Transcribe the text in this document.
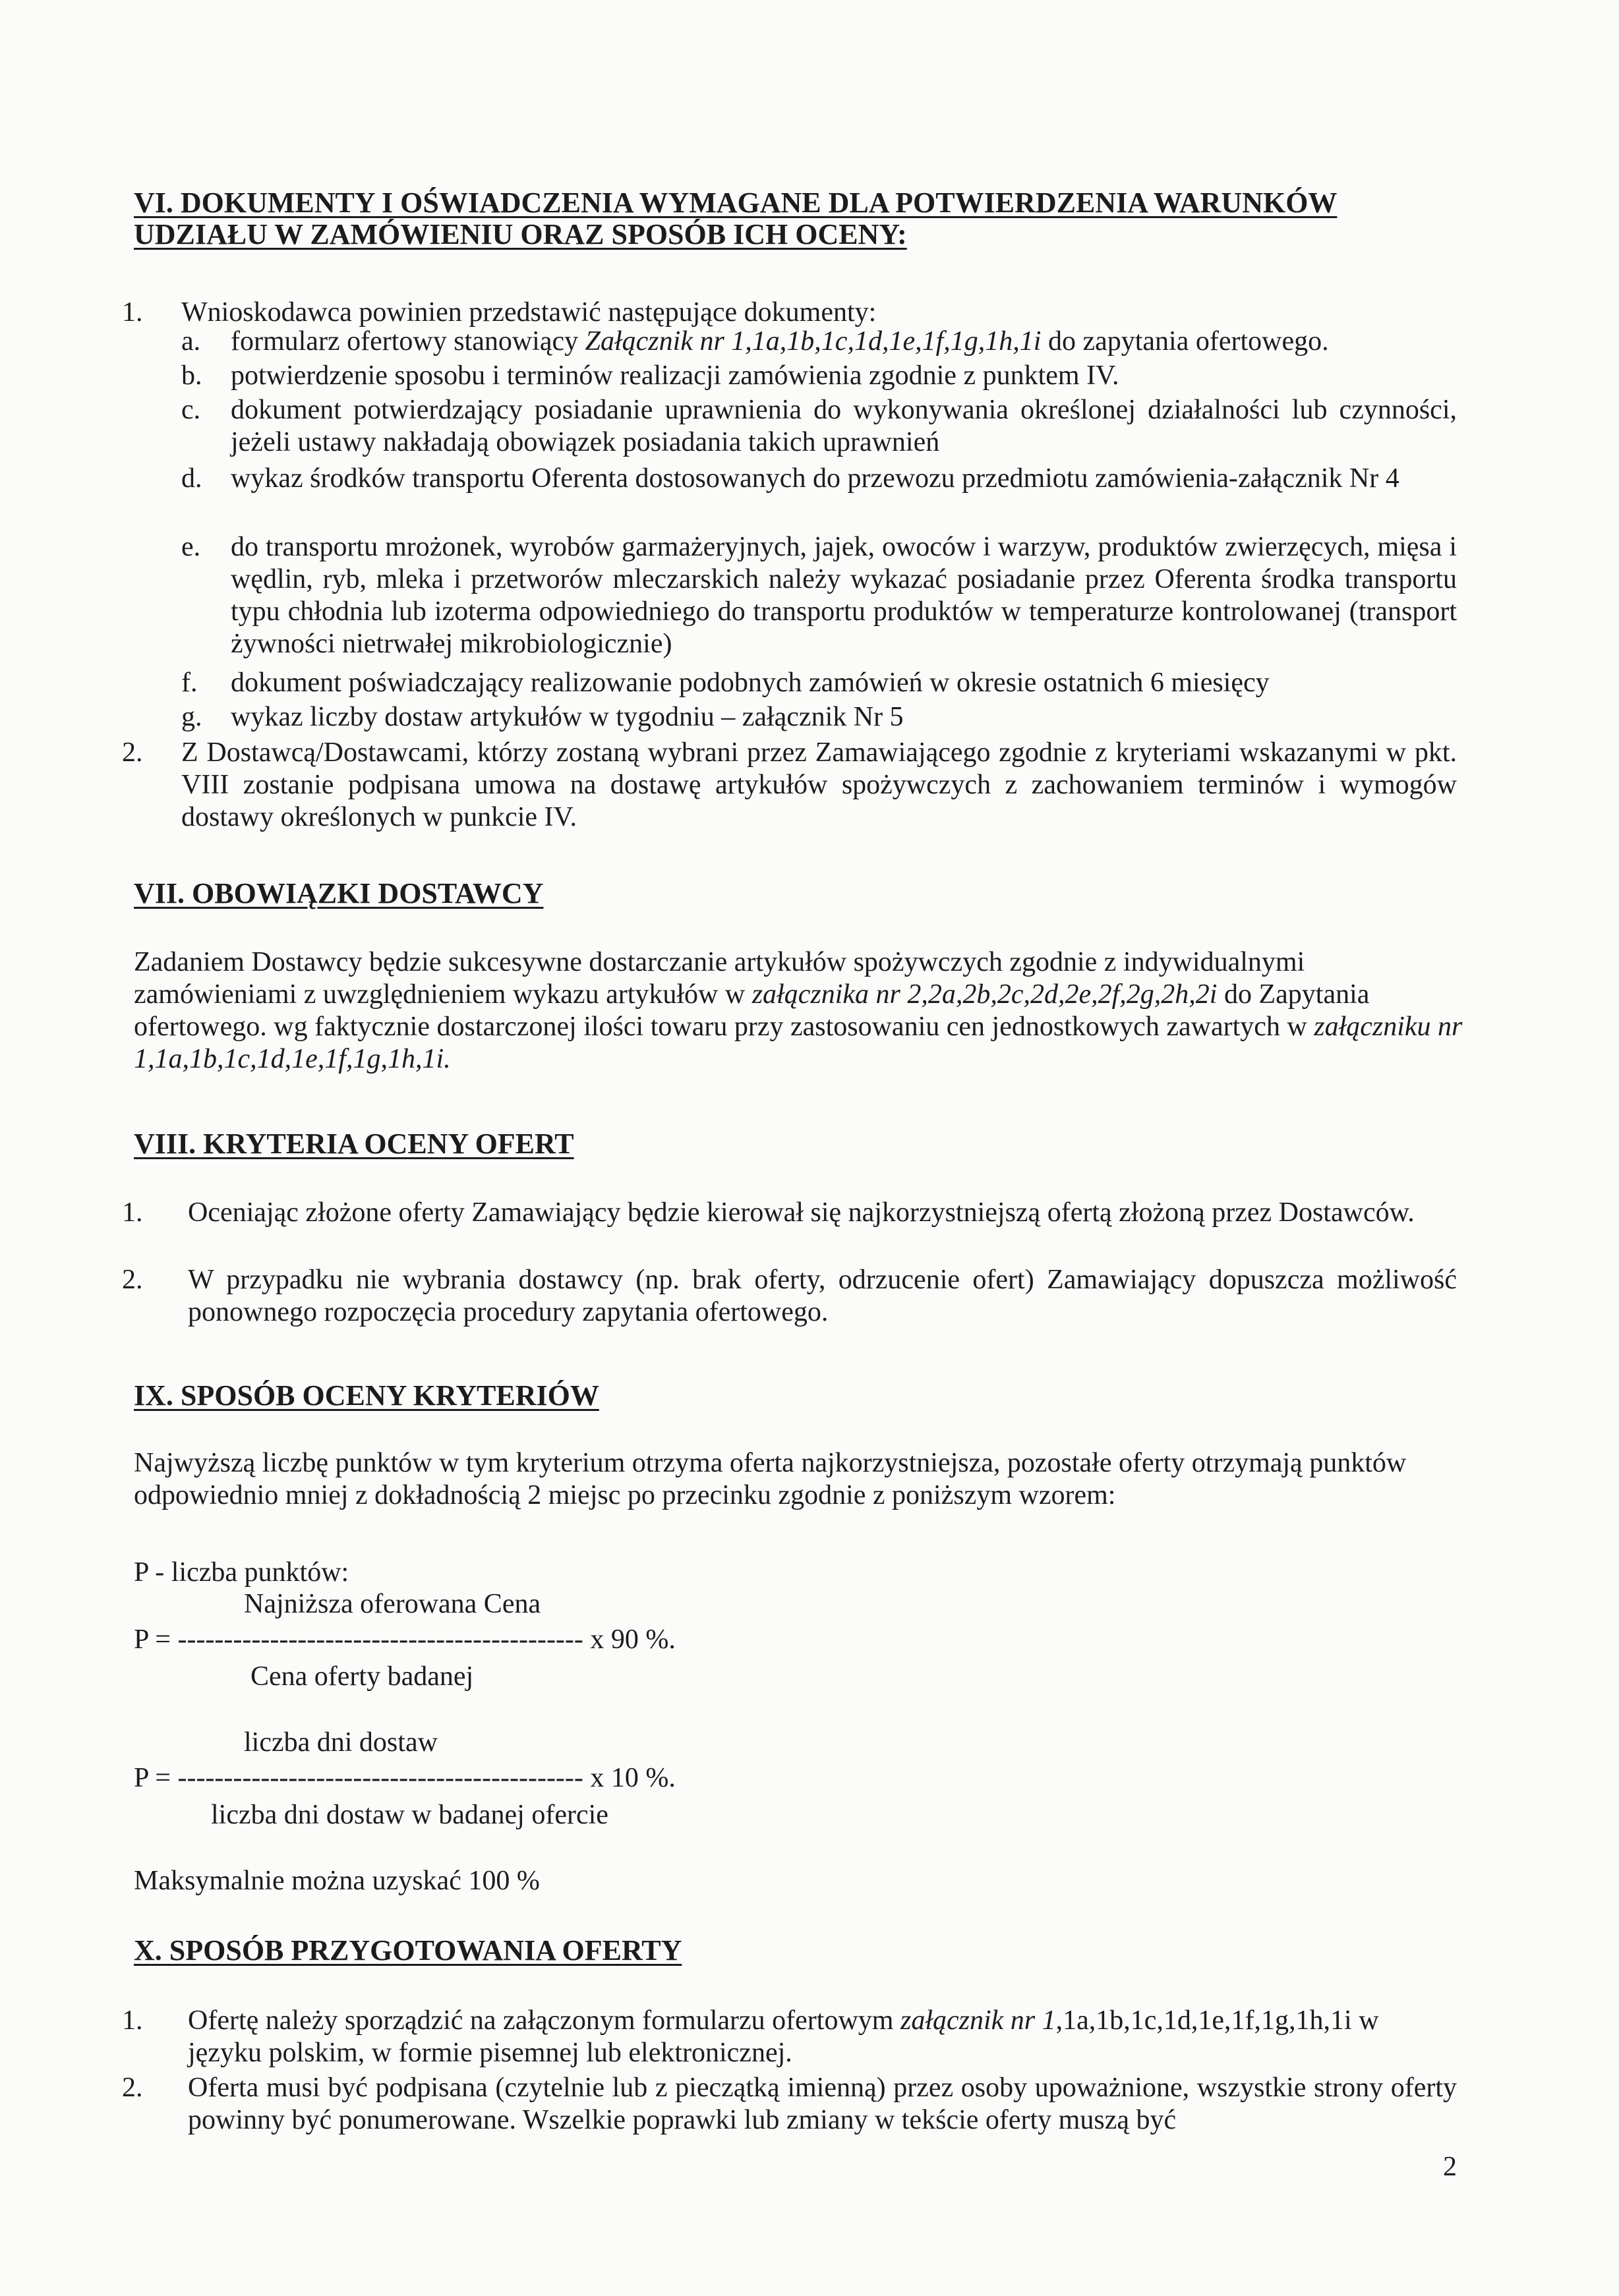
VI. DOKUMENTY I OŚWIADCZENIA WYMAGANE DLA POTWIERDZENIA WARUNKÓW UDZIAŁU W ZAMÓWIENIU ORAZ SPOSÓB ICH OCENY:
1. Wnioskodawca powinien przedstawić następujące dokumenty:
a. formularz ofertowy stanowiący Załącznik nr 1,1a,1b,1c,1d,1e,1f,1g,1h,1i do zapytania ofertowego.
b. potwierdzenie sposobu i terminów realizacji zamówienia zgodnie z punktem IV.
c. dokument potwierdzający posiadanie uprawnienia do wykonywania określonej działalności lub czynności, jeżeli ustawy nakładają obowiązek posiadania takich uprawnień
d. wykaz środków transportu Oferenta dostosowanych do przewozu przedmiotu zamówienia-załącznik Nr 4
e. do transportu mrożonek, wyrobów garmażeryjnych, jajek, owoców i warzyw, produktów zwierzęcych, mięsa i wędlin, ryb, mleka i przetworów mleczarskich należy wykazać posiadanie przez Oferenta środka transportu typu chłodnia lub izoterma odpowiedniego do transportu produktów w temperaturze kontrolowanej (transport żywności nietrwałej mikrobiologicznie)
f. dokument poświadczający realizowanie podobnych zamówień w okresie ostatnich 6 miesięcy
g. wykaz liczby dostaw artykułów w tygodniu – załącznik Nr 5
2. Z Dostawcą/Dostawcami, którzy zostaną wybrani przez Zamawiającego zgodnie z kryteriami wskazanymi w pkt. VIII zostanie podpisana umowa na dostawę artykułów spożywczych z zachowaniem terminów i wymogów dostawy określonych w punkcie IV.
VII. OBOWIĄZKI DOSTAWCY
Zadaniem Dostawcy będzie sukcesywne dostarczanie artykułów spożywczych zgodnie z indywidualnymi zamówieniami z uwzględnieniem wykazu artykułów w załącznika nr 2,2a,2b,2c,2d,2e,2f,2g,2h,2i do Zapytania ofertowego. wg faktycznie dostarczonej ilości towaru przy zastosowaniu cen jednostkowych zawartych w załączniku nr 1,1a,1b,1c,1d,1e,1f,1g,1h,1i.
VIII. KRYTERIA OCENY OFERT
1. Oceniając złożone oferty Zamawiający będzie kierował się najkorzystniejszą ofertą złożoną przez Dostawców.
2. W przypadku nie wybrania dostawcy (np. brak oferty, odrzucenie ofert) Zamawiający dopuszcza możliwość ponownego rozpoczęcia procedury zapytania ofertowego.
IX. SPOSÓB OCENY KRYTERIÓW
Najwyższą liczbę punktów w tym kryterium otrzyma oferta najkorzystniejsza, pozostałe oferty otrzymają punktów odpowiednio mniej z dokładnością 2 miejsc po przecinku zgodnie z poniższym wzorem:
P - liczba punktów:
Najniższa oferowana Cena
P = -------------------------------------------- x 90 %.
Cena oferty badanej
liczba dni dostaw
P = -------------------------------------------- x 10 %.
liczba dni dostaw w badanej ofercie
Maksymalnie można uzyskać 100 %
X. SPOSÓB PRZYGOTOWANIA OFERTY
1. Ofertę należy sporządzić na załączonym formularzu ofertowym załącznik nr 1,1a,1b,1c,1d,1e,1f,1g,1h,1i w języku polskim, w formie pisemnej lub elektronicznej.
2. Oferta musi być podpisana (czytelnie lub z pieczątką imienną) przez osoby upoważnione, wszystkie strony oferty powinny być ponumerowane. Wszelkie poprawki lub zmiany w tekście oferty muszą być
2
